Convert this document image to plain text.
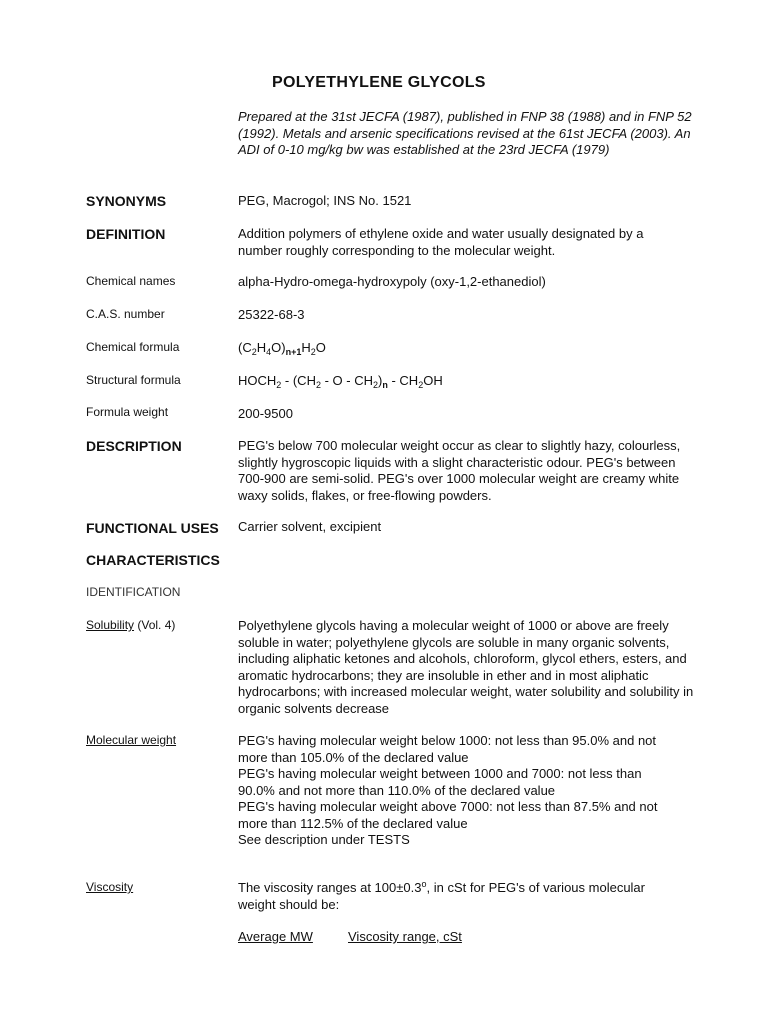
POLYETHYLENE GLYCOLS
Prepared at the 31st JECFA (1987), published in FNP 38 (1988) and in FNP 52 (1992). Metals and arsenic specifications revised at the 61st JECFA (2003). An ADI of 0-10 mg/kg bw was established at the 23rd JECFA (1979)
SYNONYMS	PEG, Macrogol; INS No. 1521
DEFINITION	Addition polymers of ethylene oxide and water usually designated by a number roughly corresponding to the molecular weight.
Chemical names	alpha-Hydro-omega-hydroxypoly (oxy-1,2-ethanediol)
C.A.S. number	25322-68-3
Chemical formula	$(C_2H_4O)_{n+1}H_2O$
Structural formula	$HOCH_2 - (CH_2$ - O - $CH_2)_n - CH_2OH$
Formula weight	200-9500
DESCRIPTION	PEG's below 700 molecular weight occur as clear to slightly hazy, colourless, slightly hygroscopic liquids with a slight characteristic odour. PEG's between 700-900 are semi-solid. PEG's over 1000 molecular weight are creamy white waxy solids, flakes, or free-flowing powders.
FUNCTIONAL USES Carrier solvent, excipient
CHARACTERISTICS
IDENTIFICATION
Solubility (Vol. 4)	Polyethylene glycols having a molecular weight of 1000 or above are freely soluble in water; polyethylene glycols are soluble in many organic solvents, including aliphatic ketones and alcohols, chloroform, glycol ethers, esters, and aromatic hydrocarbons; they are insoluble in ether and in most aliphatic hydrocarbons; with increased molecular weight, water solubility and solubility in organic solvents decrease
Molecular weight	PEG's having molecular weight below 1000: not less than 95.0% and not
more than 105.0% of the declared value
PEG's having molecular weight between 1000 and 7000: not less than
90.0% and not more than 110.0% of the declared value
PEG's having molecular weight above 7000: not less than 87.5% and not
more than 112.5% of the declared value
See description under TESTS
Viscosity	The viscosity ranges at $100\pm 0.3^o$, in cSt for PEG's of various molecular
weight should be:
Average MW	Viscosity range, cSt
